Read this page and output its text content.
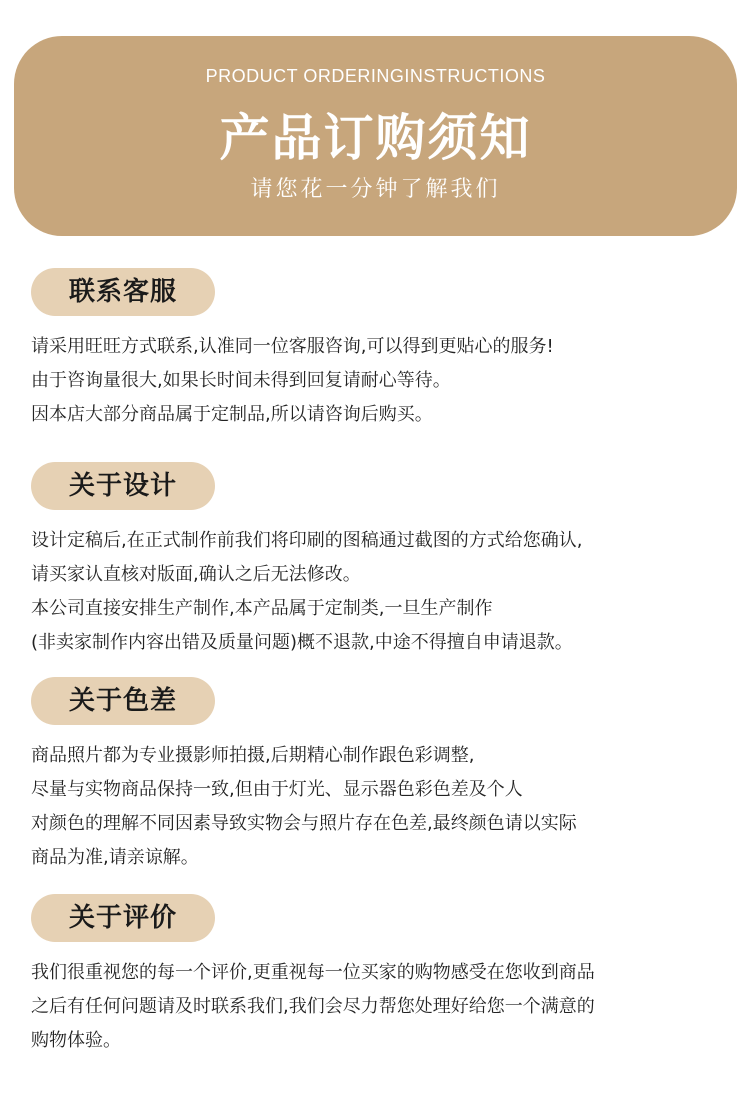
PRODUCT ORDERINGINSTRUCTIONS
产品订购须知
请您花一分钟了解我们
联系客服
请采用旺旺方式联系,认准同一位客服咨询,可以得到更贴心的服务!
由于咨询量很大,如果长时间未得到回复请耐心等待。
因本店大部分商品属于定制品,所以请咨询后购买。
关于设计
设计定稿后,在正式制作前我们将印刷的图稿通过截图的方式给您确认,
请买家认直核对版面,确认之后无法修改。
本公司直接安排生产制作,本产品属于定制类,一旦生产制作
(非卖家制作内容出错及质量问题)概不退款,中途不得擅自申请退款。
关于色差
商品照片都为专业摄影师拍摄,后期精心制作跟色彩调整,
尽量与实物商品保持一致,但由于灯光、显示器色彩色差及个人
对颜色的理解不同因素导致实物会与照片存在色差,最终颜色请以实际
商品为准,请亲谅解。
关于评价
我们很重视您的每一个评价,更重视每一位买家的购物感受在您收到商品
之后有任何问题请及时联系我们,我们会尽力帮您处理好给您一个满意的
购物体验。
